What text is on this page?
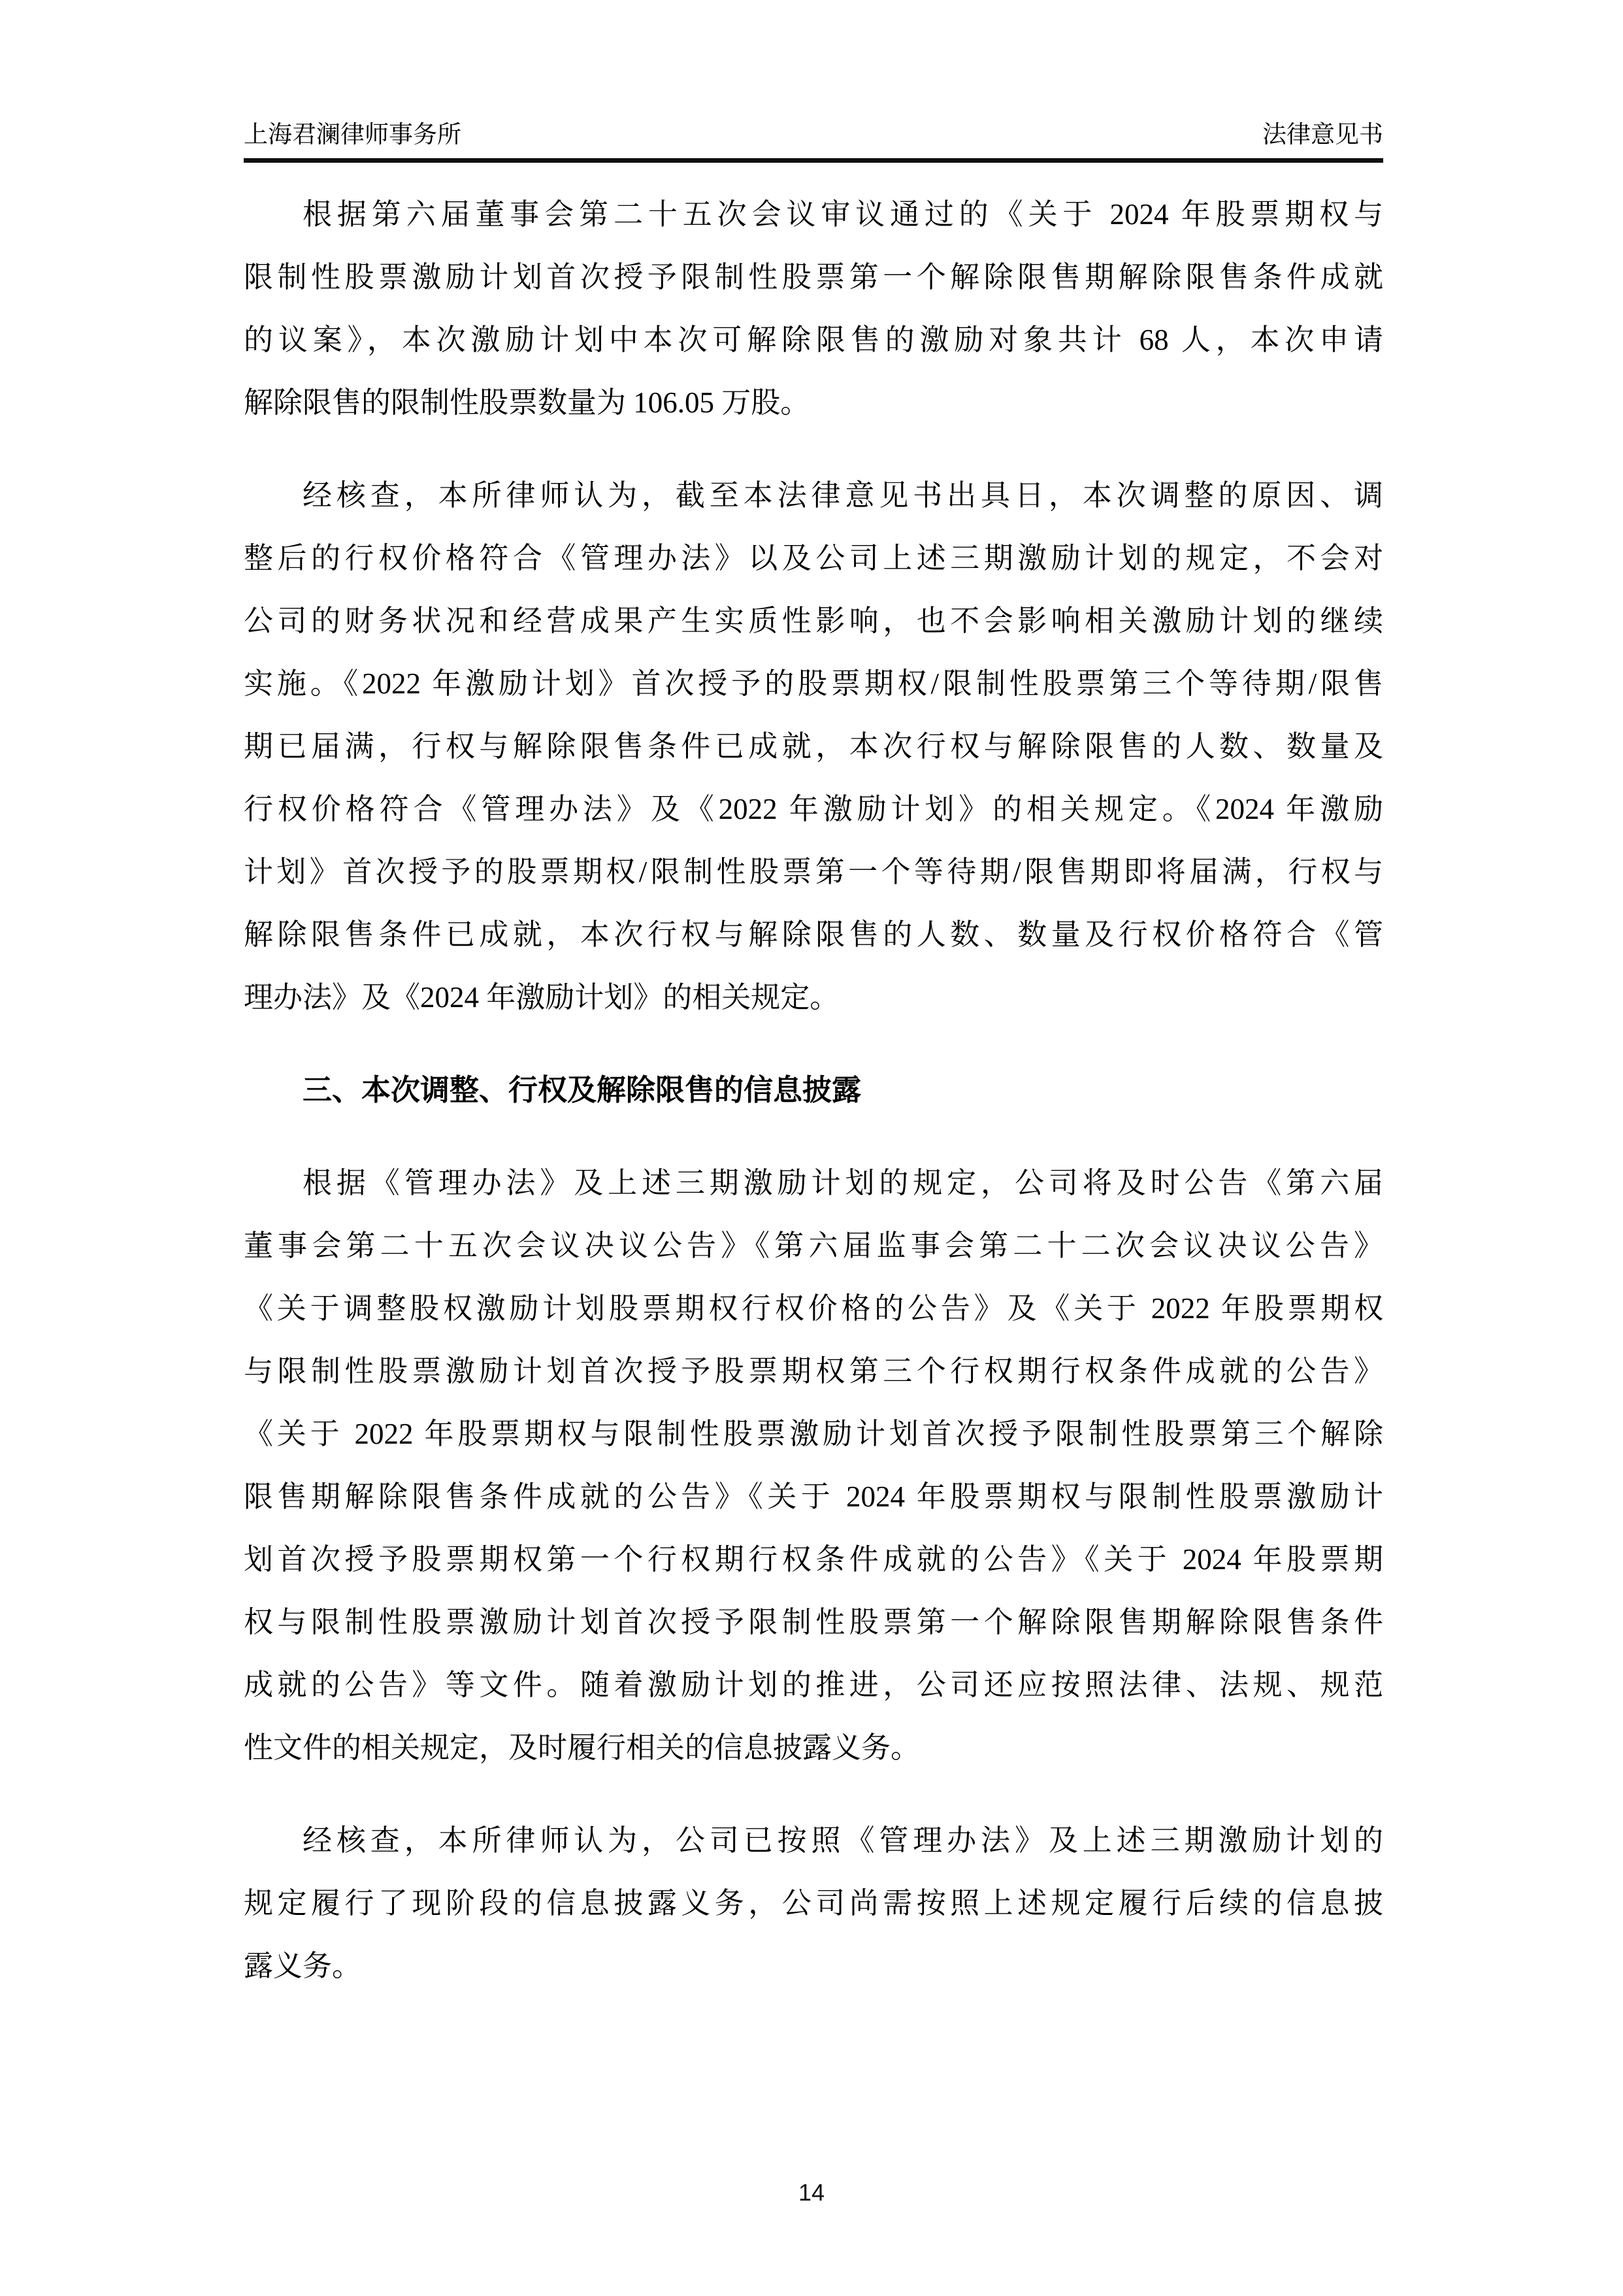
上海君澜律师事务所	法律意见书
根据第六届董事会第二十五次会议审议通过的《关于 2024 年股票期权与
限制性股票激励计划首次授予限制性股票第一个解除限售期解除限售条件成就
的议案》，本次激励计划中本次可解除限售的激励对象共计 68 人，本次申请
解除限售的限制性股票数量为 106.05 万股。
经核查，本所律师认为，截至本法律意见书出具日，本次调整的原因、调
整后的行权价格符合《管理办法》以及公司上述三期激励计划的规定，不会对
公司的财务状况和经营成果产生实质性影响，也不会影响相关激励计划的继续
实施。《2022 年激励计划》首次授予的股票期权/限制性股票第三个等待期/限售
期已届满，行权与解除限售条件已成就，本次行权与解除限售的人数、数量及
行权价格符合《管理办法》及《2022 年激励计划》的相关规定。《2024 年激励
计划》首次授予的股票期权/限制性股票第一个等待期/限售期即将届满，行权与
解除限售条件已成就，本次行权与解除限售的人数、数量及行权价格符合《管
理办法》及《2024 年激励计划》的相关规定。
三、本次调整、行权及解除限售的信息披露
根据《管理办法》及上述三期激励计划的规定，公司将及时公告《第六届
董事会第二十五次会议决议公告》《第六届监事会第二十二次会议决议公告》
《关于调整股权激励计划股票期权行权价格的公告》及《关于 2022 年股票期权
与限制性股票激励计划首次授予股票期权第三个行权期行权条件成就的公告》
《关于 2022 年股票期权与限制性股票激励计划首次授予限制性股票第三个解除
限售期解除限售条件成就的公告》《关于 2024 年股票期权与限制性股票激励计
划首次授予股票期权第一个行权期行权条件成就的公告》《关于 2024 年股票期
权与限制性股票激励计划首次授予限制性股票第一个解除限售期解除限售条件
成就的公告》等文件。随着激励计划的推进，公司还应按照法律、法规、规范
性文件的相关规定，及时履行相关的信息披露义务。
经核查，本所律师认为，公司已按照《管理办法》及上述三期激励计划的
规定履行了现阶段的信息披露义务，公司尚需按照上述规定履行后续的信息披
露义务。
14
